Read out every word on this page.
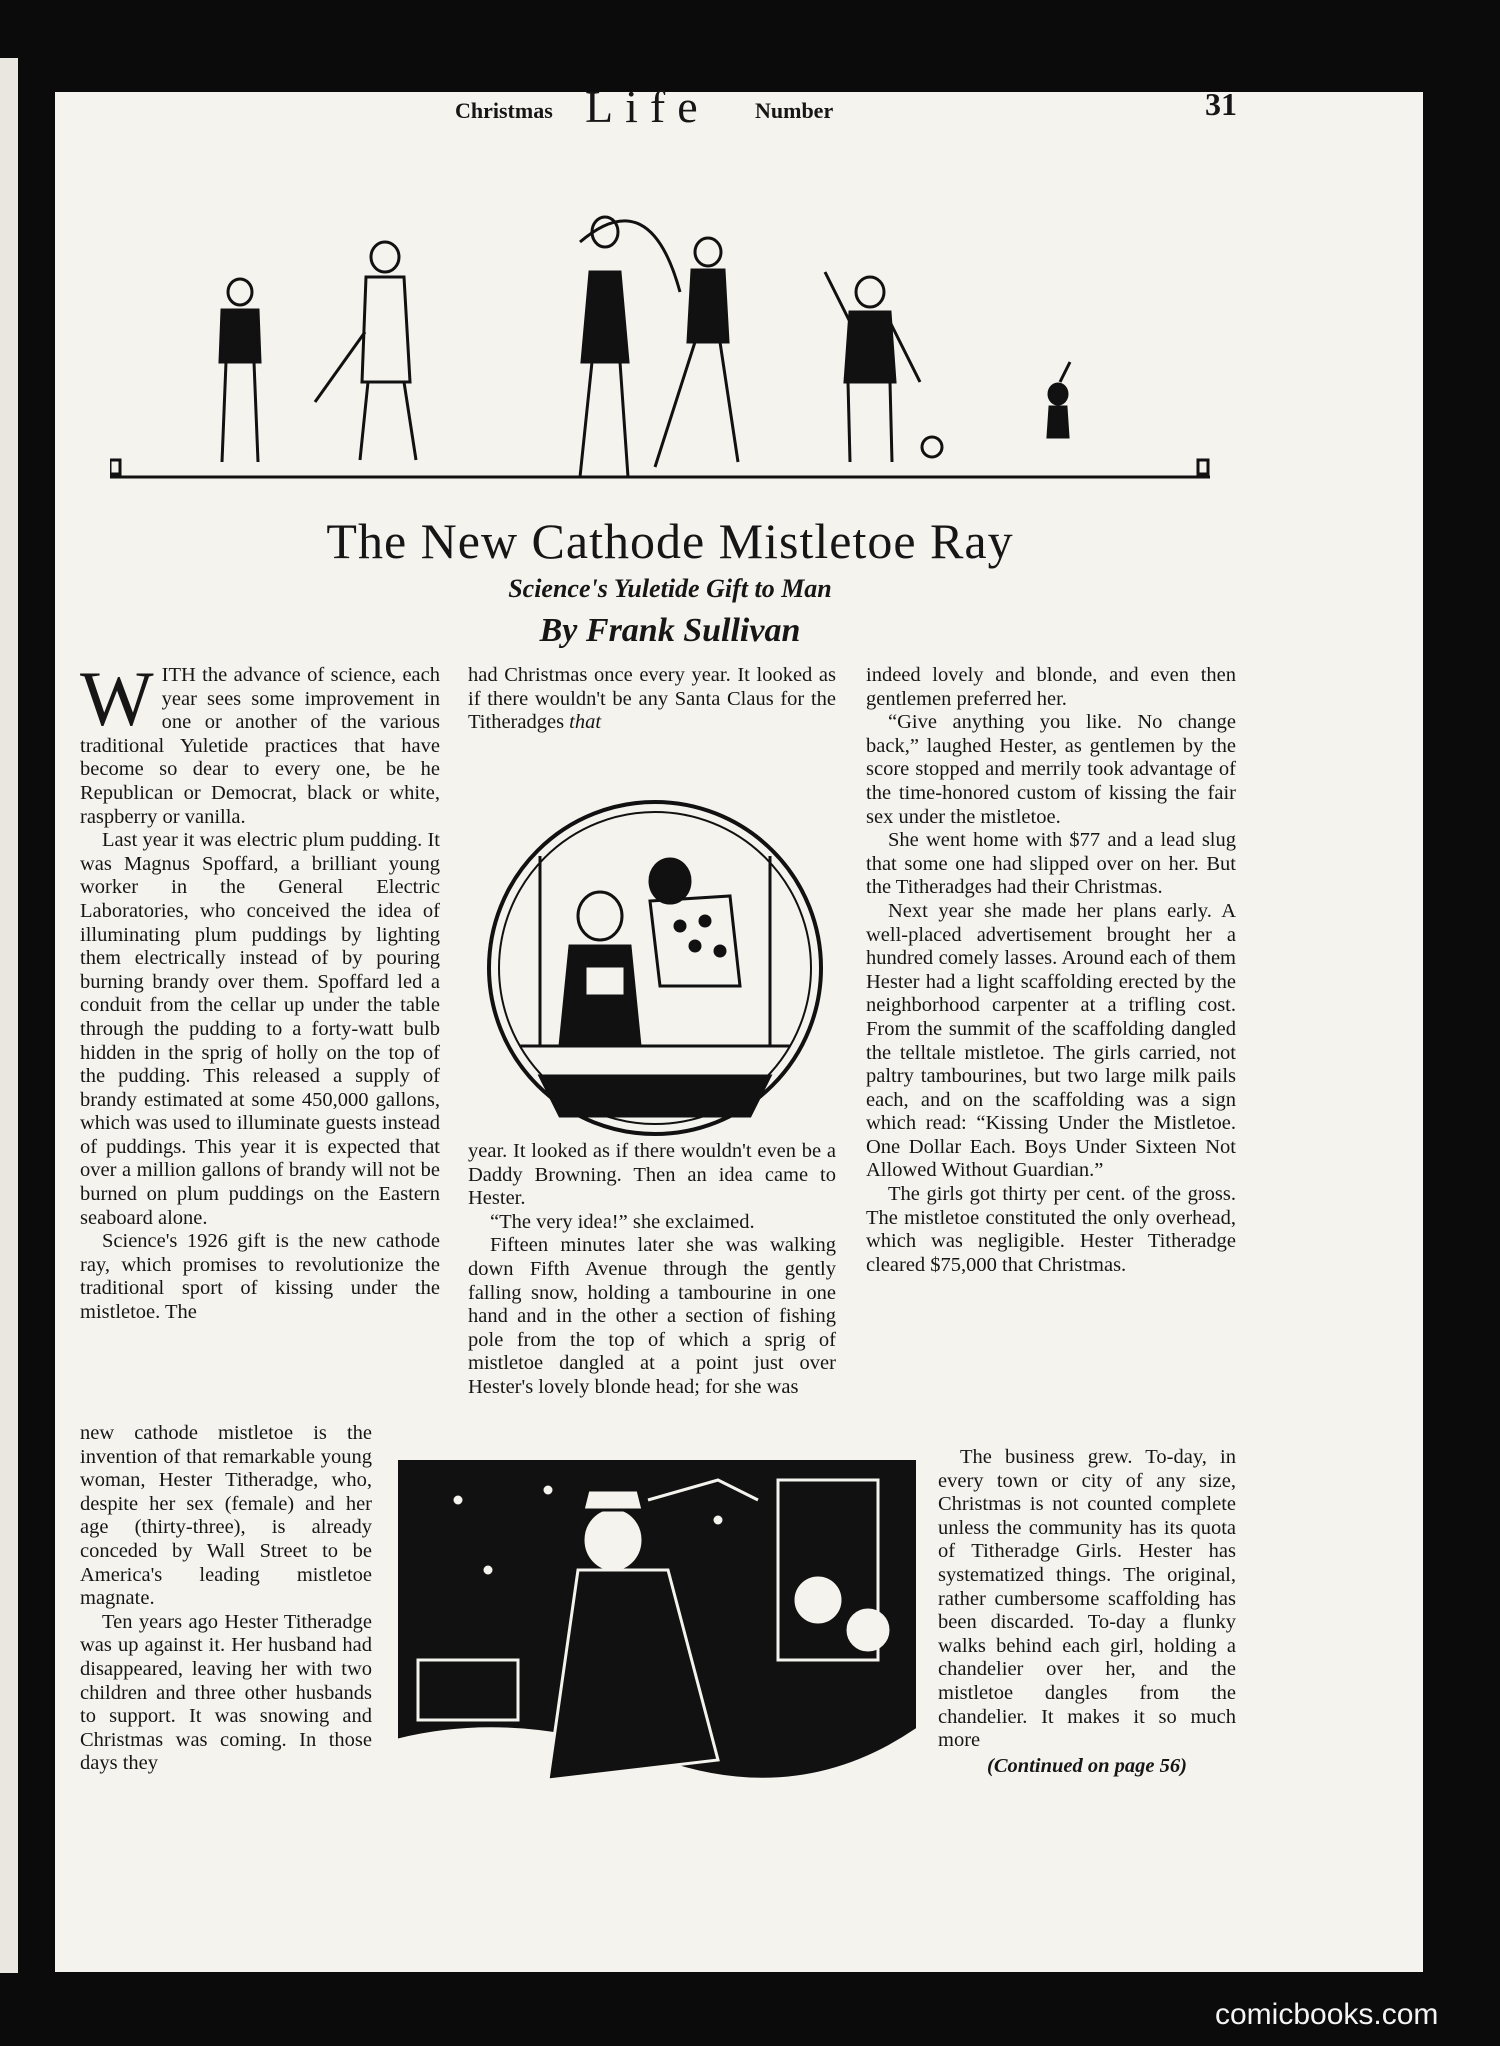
Christmas Life Number	31
The New Cathode Mistletoe Ray
Science's Yuletide Gift to Man
By Frank Sullivan

WITH the advance of science, each year sees some improvement in one or another of the various traditional Yuletide practices that have become so dear to every one, be he Republican or Democrat, black or white, raspberry or vanilla.

Last year it was electric plum pudding. It was Magnus Spoffard, a brilliant young worker in the General Electric Laboratories, who conceived the idea of illuminating plum puddings by lighting them electrically instead of by pouring burning brandy over them. Spoffard led a conduit from the cellar up under the table through the pudding to a forty-watt bulb hidden in the sprig of holly on the top of the pudding. This released a supply of brandy estimated at some 450,000 gallons, which was used to illuminate guests instead of puddings. This year it is expected that over a million gallons of brandy will not be burned on plum puddings on the Eastern seaboard alone.

Science's 1926 gift is the new cathode ray, which promises to revolutionize the traditional sport of kissing under the mistletoe. The

new cathode mistletoe is the invention of that remarkable young woman, Hester Titheradge, who, despite her sex (female) and her age (thirty-three), is already conceded by Wall Street to be America's leading mistletoe magnate.

Ten years ago Hester Titheradge was up against it. Her husband had disappeared, leaving her with two children and three other husbands to support. It was snowing and Christmas was coming. In those days they

had Christmas once every year. It looked as if there wouldn't be any Santa Claus for the Titheradges that

year. It looked as if there wouldn't even be a Daddy Browning. Then an idea came to Hester.

“The very idea!” she exclaimed.

Fifteen minutes later she was walking down Fifth Avenue through the gently falling snow, holding a tambourine in one hand and in the other a section of fishing pole from the top of which a sprig of mistletoe dangled at a point just over Hester's lovely blonde head; for she was

indeed lovely and blonde, and even then gentlemen preferred her.

“Give anything you like. No change back,” laughed Hester, as gentlemen by the score stopped and merrily took advantage of the time-honored custom of kissing the fair sex under the mistletoe.

She went home with $77 and a lead slug that some one had slipped over on her. But the Titheradges had their Christmas.

Next year she made her plans early. A well-placed advertisement brought her a hundred comely lasses. Around each of them Hester had a light scaffolding erected by the neighborhood carpenter at a trifling cost. From the summit of the scaffolding dangled the telltale mistletoe. The girls carried, not paltry tambourines, but two large milk pails each, and on the scaffolding was a sign which read: “Kissing Under the Mistletoe. One Dollar Each. Boys Under Sixteen Not Allowed Without Guardian.”

The girls got thirty per cent. of the gross. The mistletoe constituted the only overhead, which was negligible. Hester Titheradge cleared $75,000 that Christmas.

The business grew. To-day, in every town or city of any size, Christmas is not counted complete unless the community has its quota of Titheradge Girls. Hester has systematized things. The original, rather cumbersome scaffolding has been discarded. To-day a flunky walks behind each girl, holding a chandelier over her, and the mistletoe dangles from the chandelier. It makes it so much more

(Continued on page 56)
comicbooks.com
